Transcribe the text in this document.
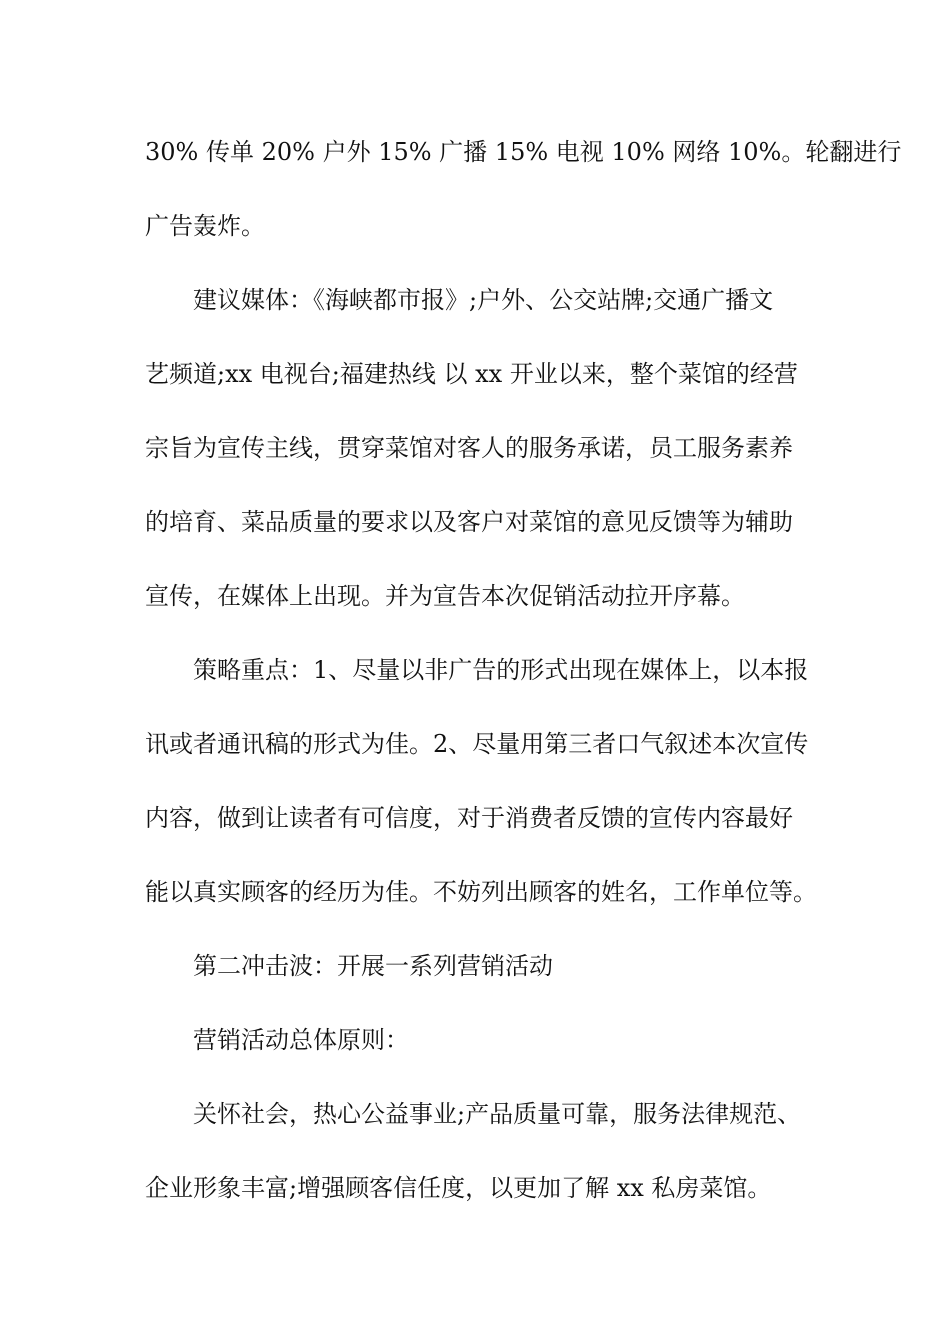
30% 传单 20% 户外 15% 广播 15% 电视 10% 网络 10%。轮翻进行
广告轰炸。
建议媒体：《海峡都市报》;户外、公交站牌;交通广播文
艺频道;xx 电视台;福建热线 以 xx 开业以来，整个菜馆的经营
宗旨为宣传主线，贯穿菜馆对客人的服务承诺，员工服务素养
的培育、菜品质量的要求以及客户对菜馆的意见反馈等为辅助
宣传，在媒体上出现。并为宣告本次促销活动拉开序幕。
策略重点：1、尽量以非广告的形式出现在媒体上，以本报
讯或者通讯稿的形式为佳。2、尽量用第三者口气叙述本次宣传
内容，做到让读者有可信度，对于消费者反馈的宣传内容最好
能以真实顾客的经历为佳。不妨列出顾客的姓名，工作单位等。
第二冲击波：开展一系列营销活动
营销活动总体原则：
关怀社会，热心公益事业;产品质量可靠，服务法律规范、
企业形象丰富;增强顾客信任度，以更加了解 xx 私房菜馆。
